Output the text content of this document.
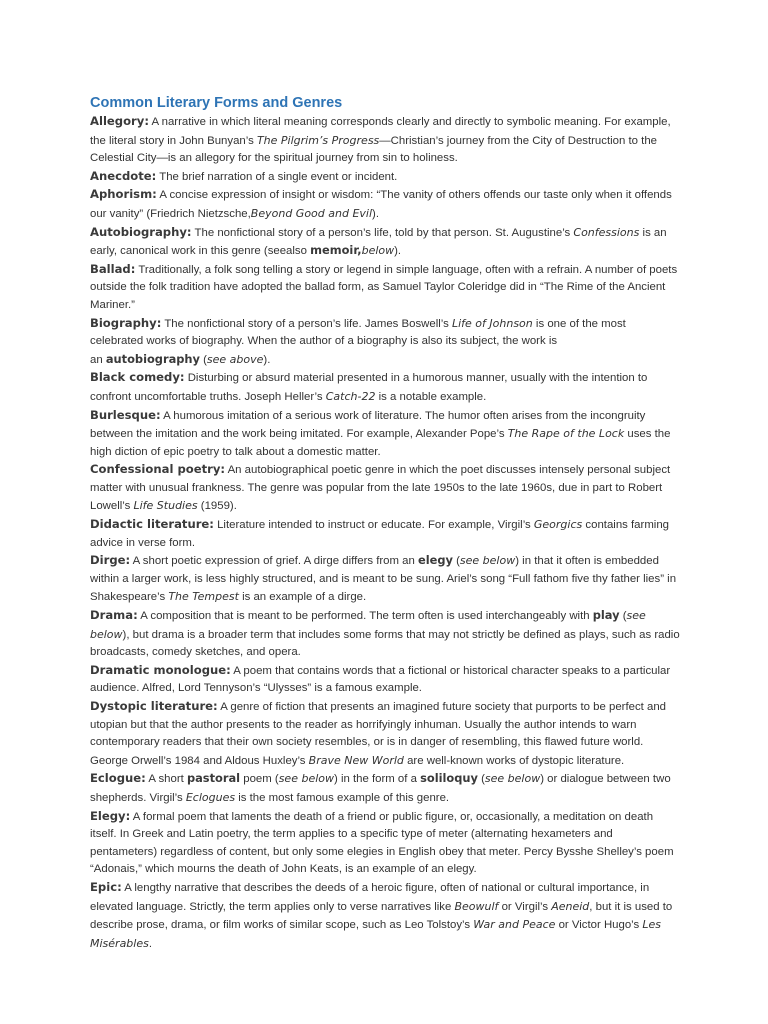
Common Literary Forms and Genres

Allegory: A narrative in which literal meaning corresponds clearly and directly to symbolic meaning. For example, the literal story in John Bunyan’s The Pilgrim’s Progress—Christian’s journey from the City of Destruction to the Celestial City—is an allegory for the spiritual journey from sin to holiness.

Anecdote: The brief narration of a single event or incident.

Aphorism: A concise expression of insight or wisdom: “The vanity of others offends our taste only when it offends our vanity” (Friedrich Nietzsche,Beyond Good and Evil).

Autobiography: The nonfictional story of a person’s life, told by that person. St. Augustine’s Confessions is an early, canonical work in this genre (seealso memoir,below).

Ballad: Traditionally, a folk song telling a story or legend in simple language, often with a refrain. A number of poets outside the folk tradition have adopted the ballad form, as Samuel Taylor Coleridge did in “The Rime of the Ancient Mariner.”

Biography: The nonfictional story of a person’s life. James Boswell’s Life of Johnson is one of the most celebrated works of biography. When the author of a biography is also its subject, the work is
an autobiography (see above).

Black comedy: Disturbing or absurd material presented in a humorous manner, usually with the intention to confront uncomfortable truths. Joseph Heller’s Catch-22 is a notable example.

Burlesque: A humorous imitation of a serious work of literature. The humor often arises from the incongruity between the imitation and the work being imitated. For example, Alexander Pope’s The Rape of the Lock uses the high diction of epic poetry to talk about a domestic matter.

Confessional poetry: An autobiographical poetic genre in which the poet discusses intensely personal subject matter with unusual frankness. The genre was popular from the late 1950s to the late 1960s, due in part to Robert Lowell’s Life Studies (1959).

Didactic literature: Literature intended to instruct or educate. For example, Virgil’s Georgics contains farming advice in verse form.

Dirge: A short poetic expression of grief. A dirge differs from an elegy (see below) in that it often is embedded within a larger work, is less highly structured, and is meant to be sung. Ariel’s song “Full fathom five thy father lies” in Shakespeare’s The Tempest is an example of a dirge.

Drama: A composition that is meant to be performed. The term often is used interchangeably with play (see below), but drama is a broader term that includes some forms that may not strictly be defined as plays, such as radio broadcasts, comedy sketches, and opera.

Dramatic monologue: A poem that contains words that a fictional or historical character speaks to a particular audience. Alfred, Lord Tennyson’s “Ulysses” is a famous example.

Dystopic literature: A genre of fiction that presents an imagined future society that purports to be perfect and utopian but that the author presents to the reader as horrifyingly inhuman. Usually the author intends to warn contemporary readers that their own society resembles, or is in danger of resembling, this flawed future world. George Orwell’s 1984 and Aldous Huxley’s Brave New World are well-known works of dystopic literature.

Eclogue: A short pastoral poem (see below) in the form of a soliloquy (see below) or dialogue between two shepherds. Virgil’s Eclogues is the most famous example of this genre.

Elegy: A formal poem that laments the death of a friend or public figure, or, occasionally, a meditation on death itself. In Greek and Latin poetry, the term applies to a specific type of meter (alternating hexameters and pentameters) regardless of content, but only some elegies in English obey that meter. Percy Bysshe Shelley’s poem “Adonais,” which mourns the death of John Keats, is an example of an elegy.

Epic: A lengthy narrative that describes the deeds of a heroic figure, often of national or cultural importance, in elevated language. Strictly, the term applies only to verse narratives like Beowulf or Virgil’s Aeneid, but it is used to describe prose, drama, or film works of similar scope, such as Leo Tolstoy’s War and Peace or Victor Hugo’s Les Misérables.
